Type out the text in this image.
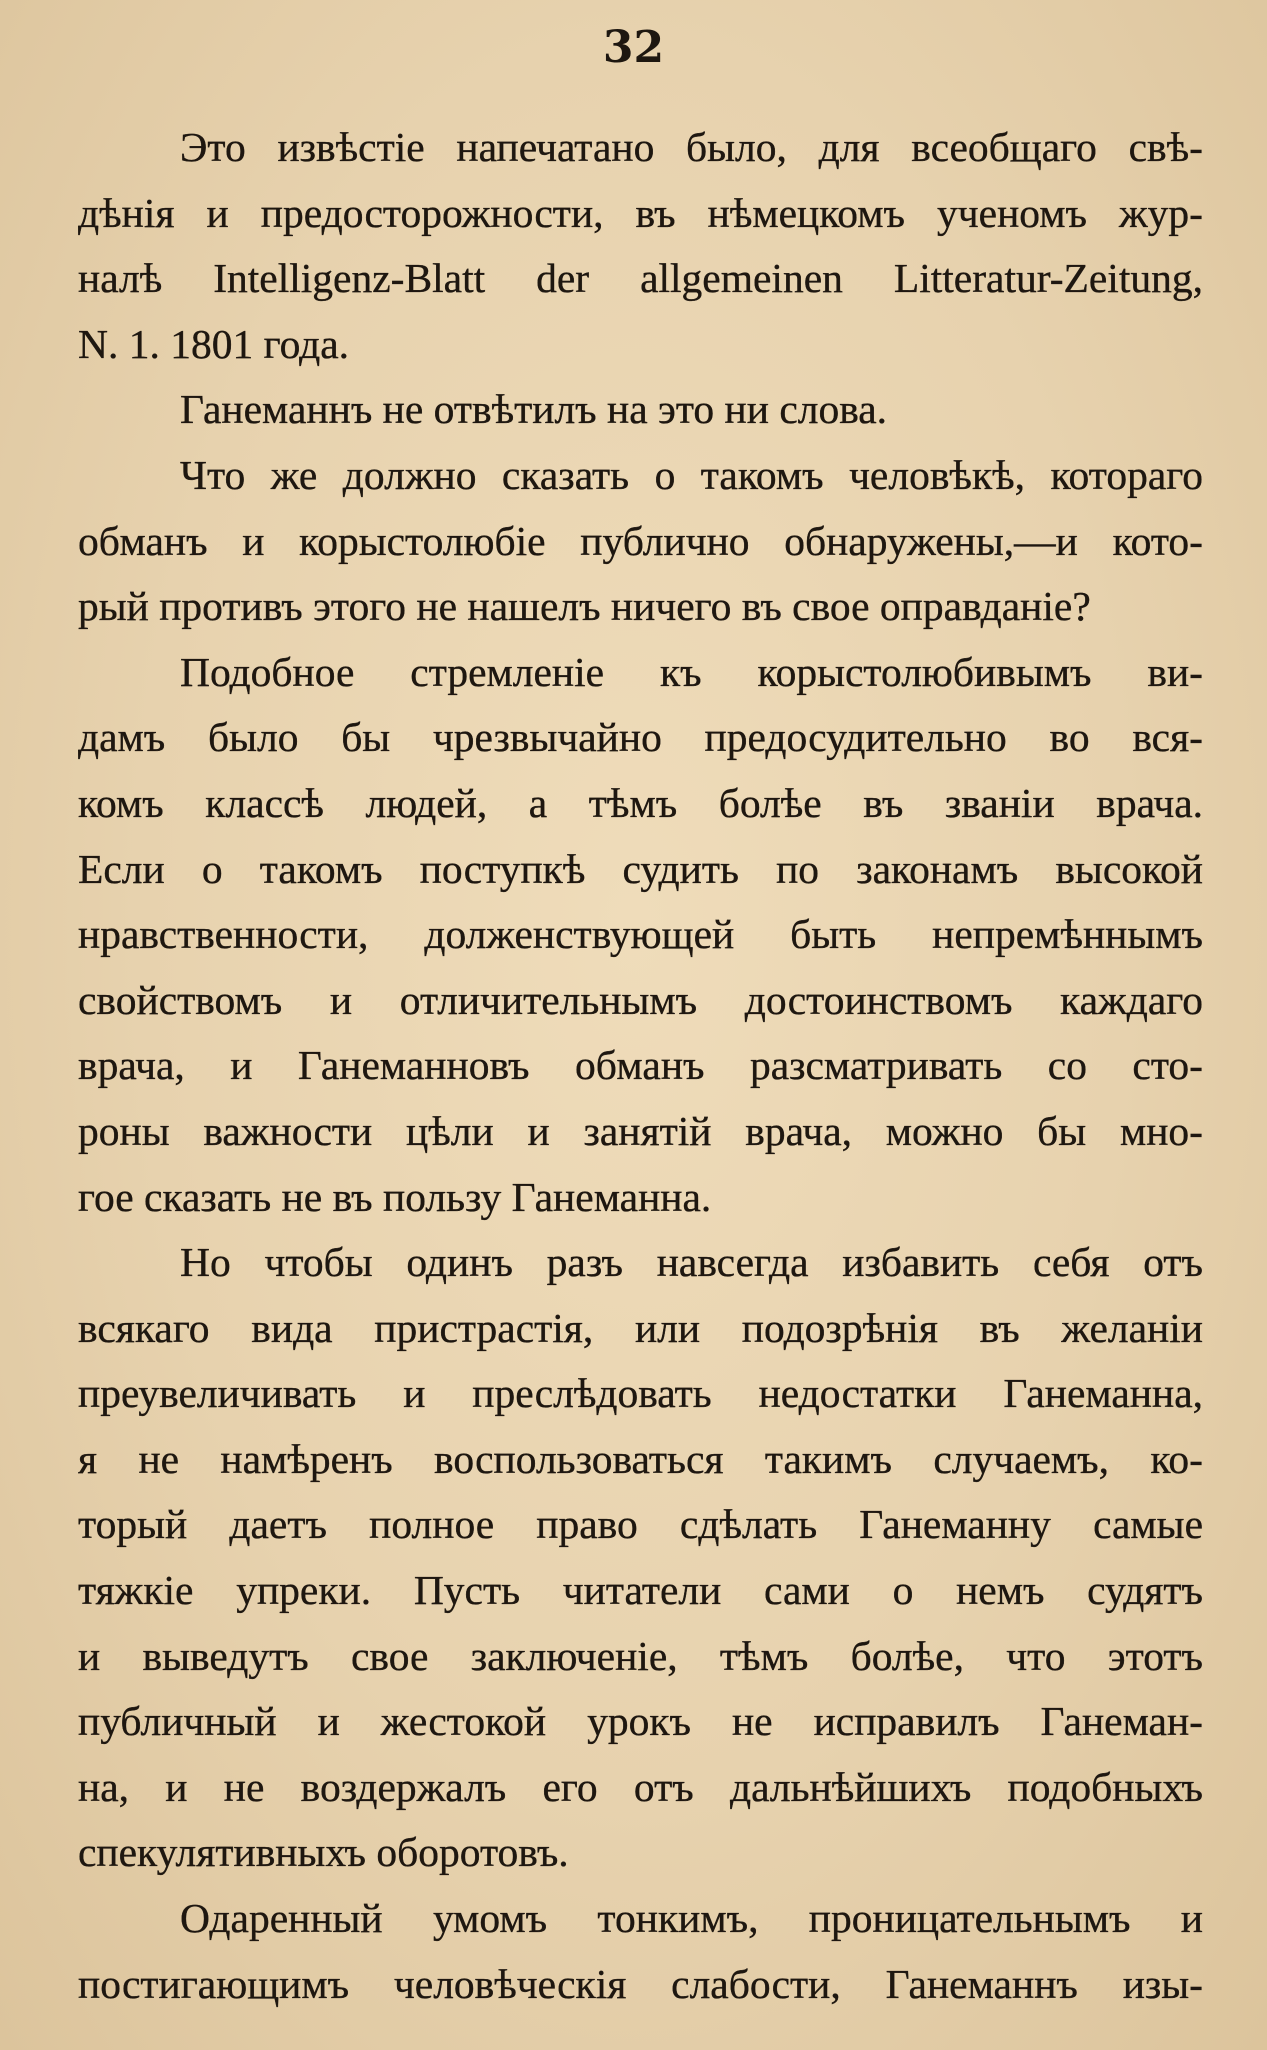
32
Это извѣстіе напечатано было, для всеобщаго свѣ-
дѣнія и предосторожности, въ нѣмецкомъ ученомъ жур-
налѣ Intelligenz-Blatt der allgemeinen Litteratur-Zeitung,
N. 1. 1801 года.
Ганеманнъ не отвѣтилъ на это ни слова.
Что же должно сказать о такомъ человѣкѣ, котораго
обманъ и корыстолюбіе публично обнаружены,—и кото-
рый противъ этого не нашелъ ничего въ свое оправданіе?
Подобное стремленіе къ корыстолюбивымъ ви-
дамъ было бы чрезвычайно предосудительно во вся-
комъ классѣ людей, а тѣмъ болѣе въ званіи врача.
Если о такомъ поступкѣ судить по законамъ высокой
нравственности, долженствующей быть непремѣннымъ
свойствомъ и отличительнымъ достоинствомъ каждаго
врача, и Ганеманновъ обманъ разсматривать со сто-
роны важности цѣли и занятій врача, можно бы мно-
гое сказать не въ пользу Ганеманна.
Но чтобы одинъ разъ навсегда избавить себя отъ
всякаго вида пристрастія, или подозрѣнія въ желаніи
преувеличивать и преслѣдовать недостатки Ганеманна,
я не намѣренъ воспользоваться такимъ случаемъ, ко-
торый даетъ полное право сдѣлать Ганеманну самые
тяжкіе упреки. Пусть читатели сами о немъ судятъ
и выведутъ свое заключеніе, тѣмъ болѣе, что этотъ
публичный и жестокой урокъ не исправилъ Ганеман-
на, и не воздержалъ его отъ дальнѣйшихъ подобныхъ
спекулятивныхъ оборотовъ.
Одаренный умомъ тонкимъ, проницательнымъ и
постигающимъ человѣческія слабости, Ганеманнъ изы-
